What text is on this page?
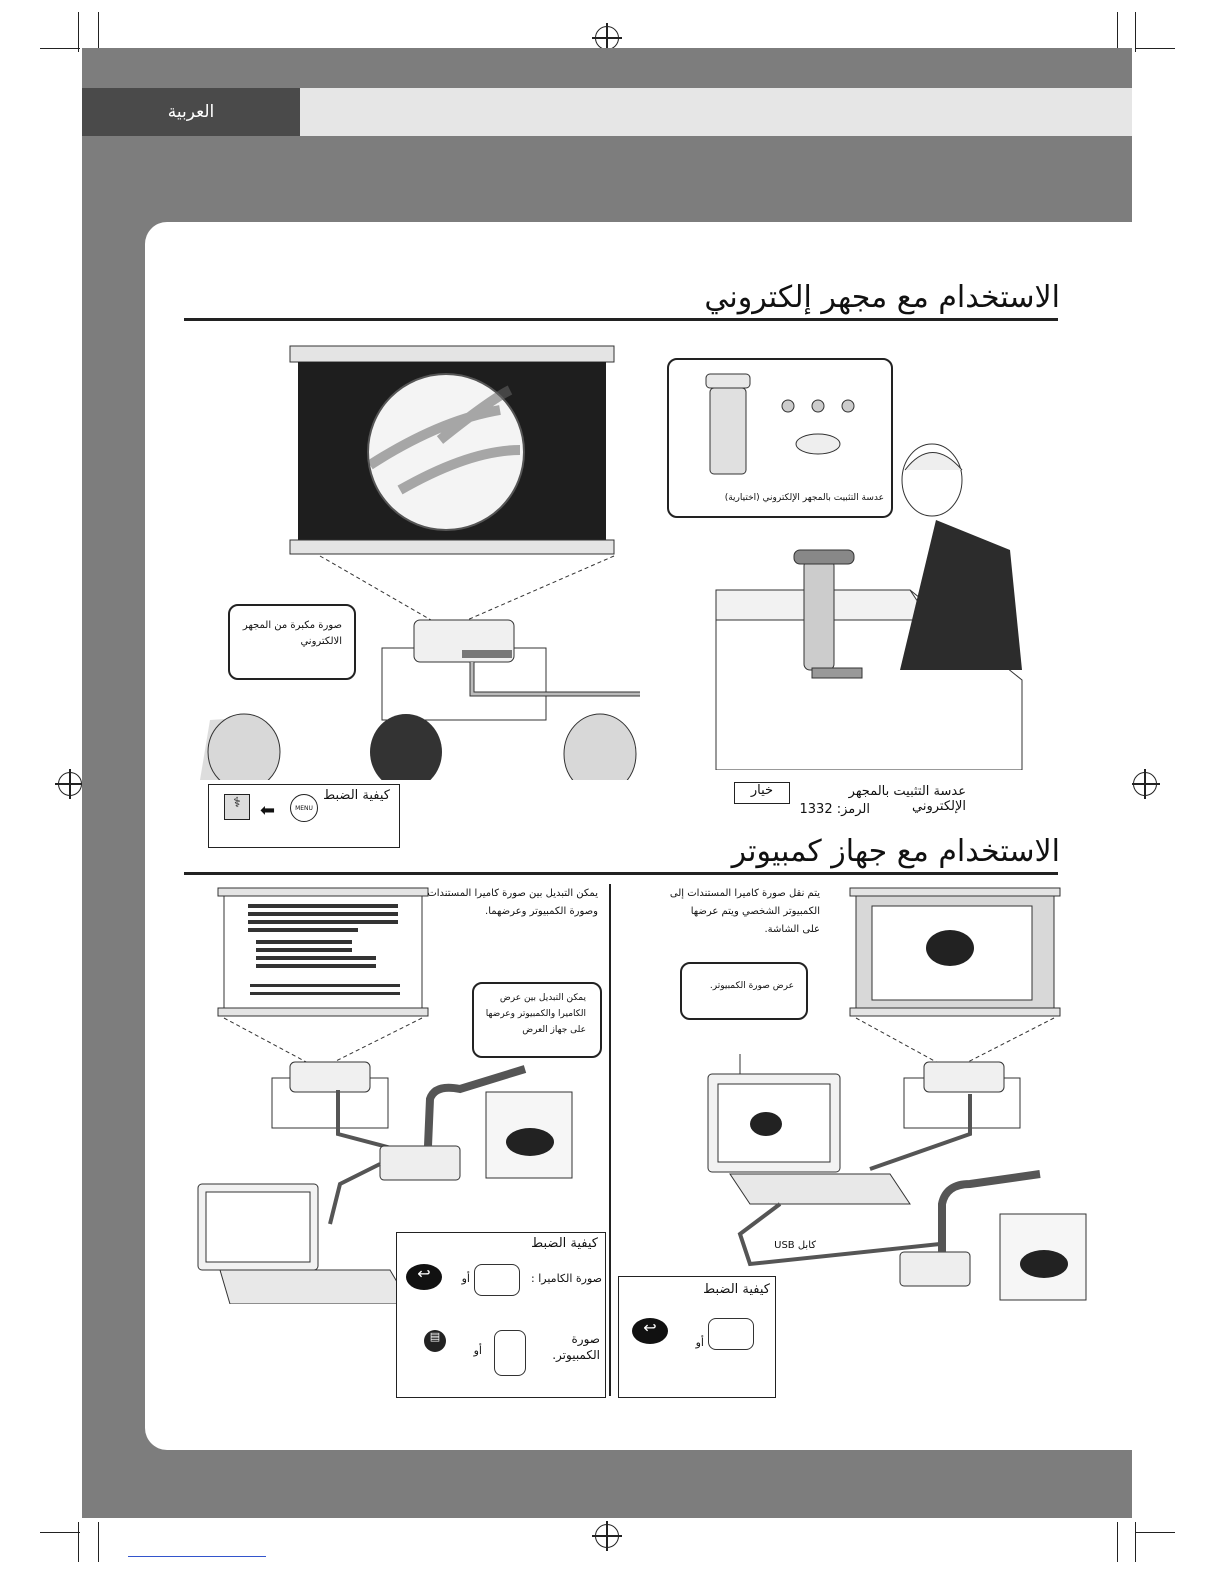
العربية
الاستخدام مع مجهر إلكتروني
عدسة التثبيت بالمجهر الإلكتروني (اختيارية)
صورة مكبرة من المجهر
الالكتروني
عدسة التثبيت بالمجهر الإلكتروني
خيار
الرمز: 1332
كيفية الضبط
MENU
⬅
⚕
الاستخدام مع جهاز كمبيوتر
يمكن التبديل بين صورة كاميرا المستندات
وصورة الكمبيوتر وعرضهما.
يمكن التبديل بين عرض
الكاميرا والكمبيوتر وعرضها
على جهاز العرض
كيفية الضبط
صورة الكاميرا :
أو
↩
صورة
الكمبيوتر.
أو
▤
يتم نقل صورة كاميرا المستندات إلى
الكمبيوتر الشخصي ويتم عرضها
على الشاشة.
عرض صورة الكمبيوتر.
كابل USB
كيفية الضبط
↩
أو
